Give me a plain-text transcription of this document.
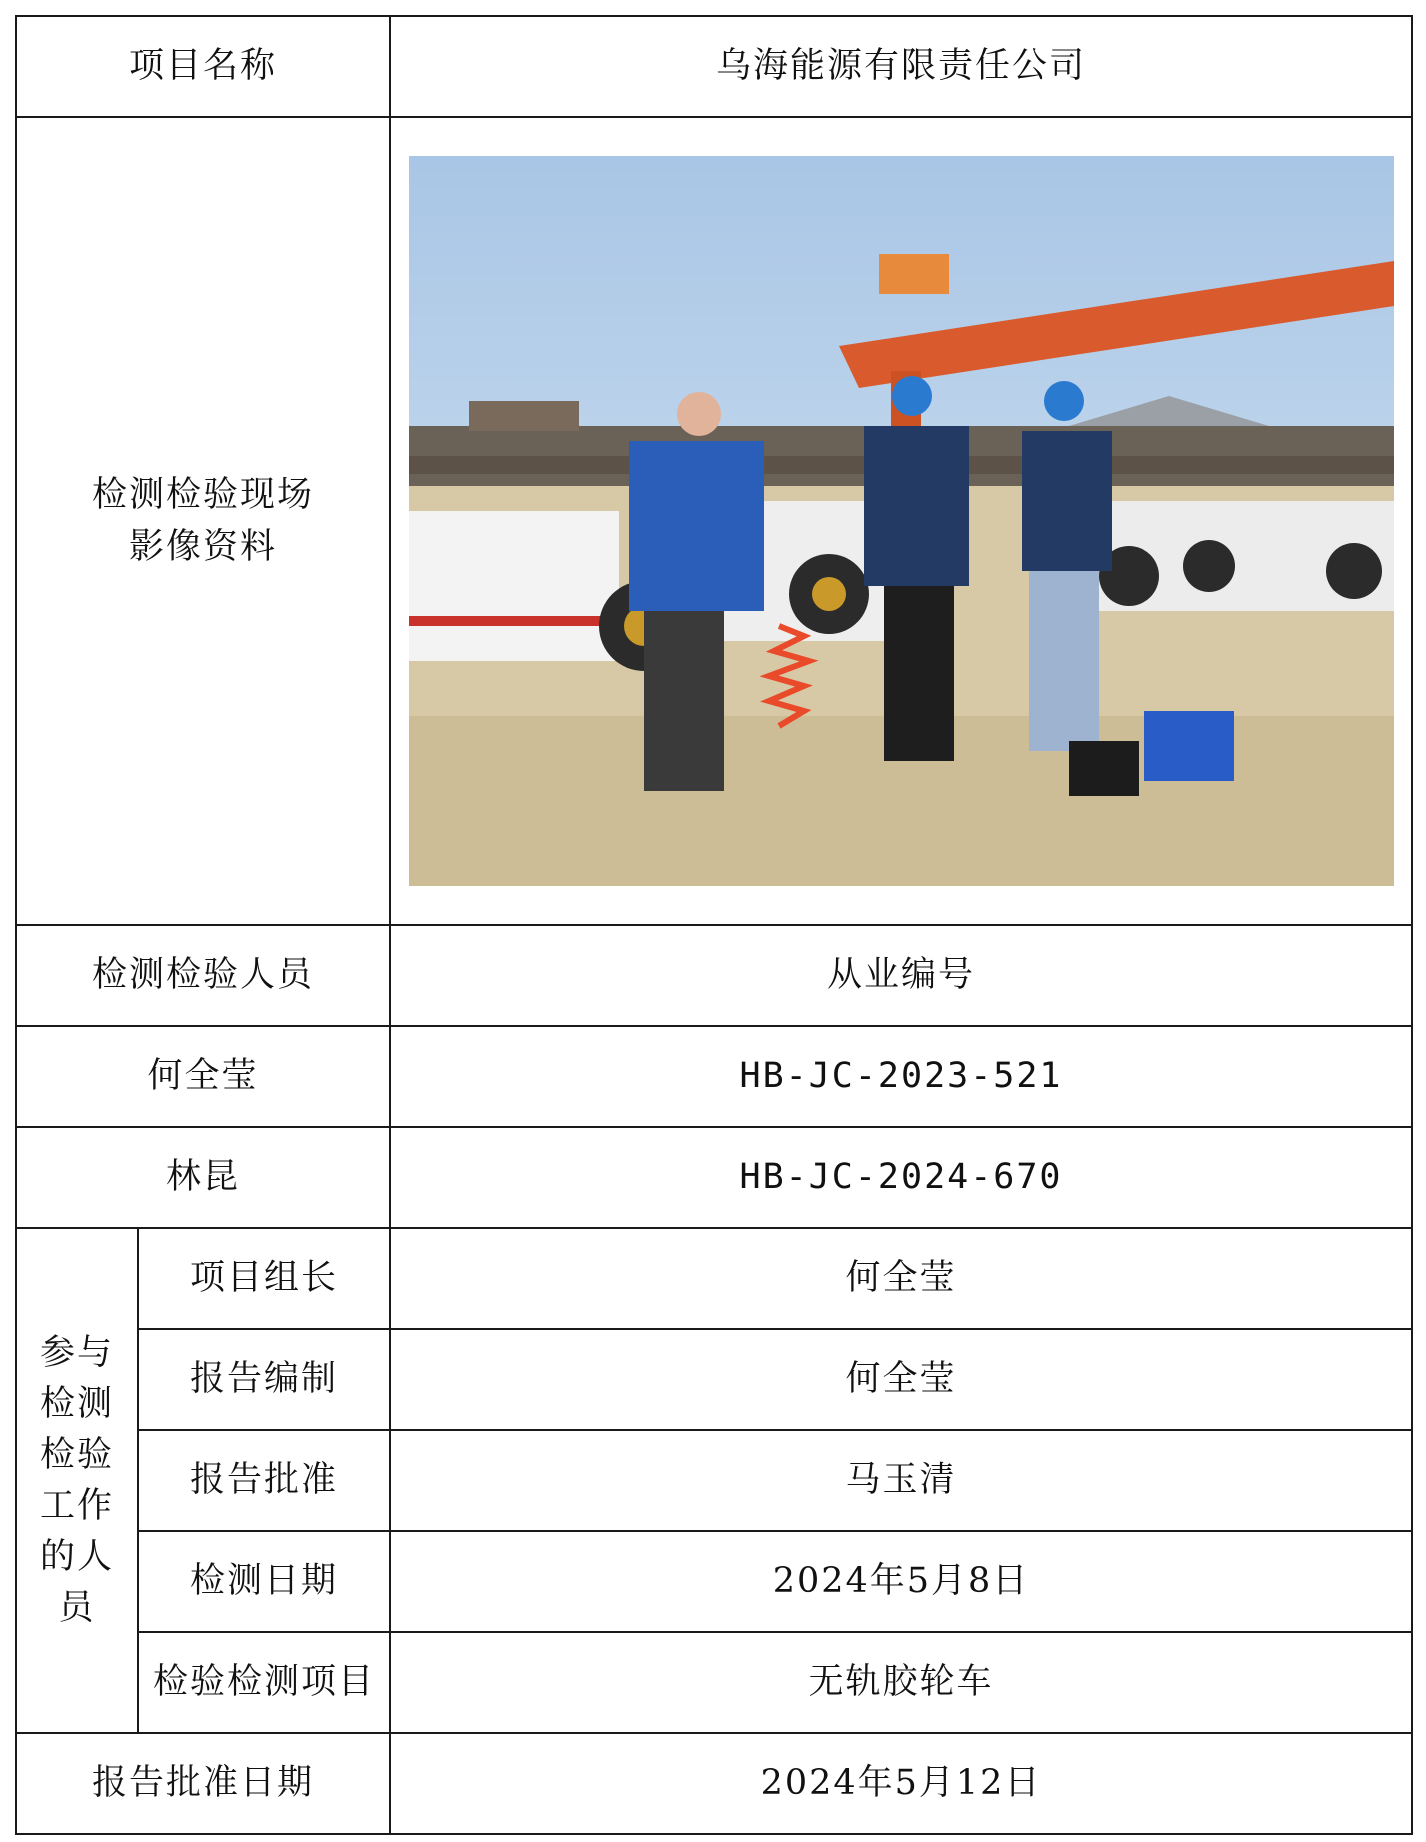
项目名称		乌海能源有限责任公司

检测检验现场影像资料

检测检验人员		从业编号
何全莹		HB-JC-2023-521
林昆		HB-JC-2024-670
参与检测检验工作的人员	项目组长	何全莹
	报告编制	何全莹
	报告批准	马玉清
	检测日期	2024年5月8日
	检验检测项目	无轨胶轮车
报告批准日期		2024年5月12日
